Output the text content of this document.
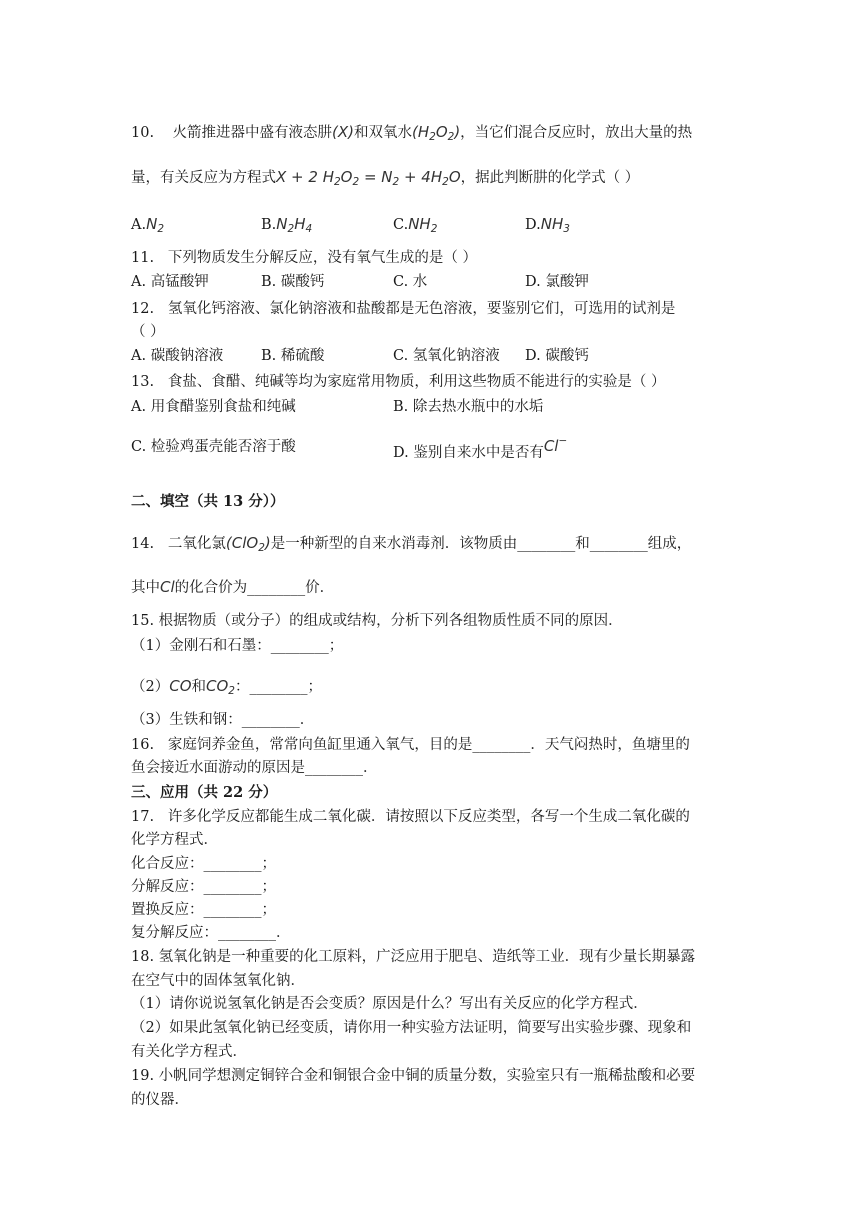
10. 火箭推进器中盛有液态肼(X)和双氧水$(H_2O_2)$，当它们混合反应时，放出大量的热
量，有关反应为方程式X + 2 $H_2O_2 = N_2 + 4H_2O$，据此判断肼的化学式（ ）
$A.N_2$	$B.N_2H_4$	$C.NH_2$	$D.NH_3$
11.   下列物质发生分解反应，没有氧气生成的是（ ）
A. 高锰酸钾	B. 碳酸钙	C. 水	D. 氯酸钾
12.   氢氧化钙溶液、氯化钠溶液和盐酸都是无色溶液，要鉴别它们，可选用的试剂是
（ ）
A. 碳酸钠溶液	B. 稀硫酸	C. 氢氧化钠溶液 D. 碳酸钙
13.   食盐、食醋、纯碱等均为家庭常用物质，利用这些物质不能进行的实验是（ ）
A. 用食醋鉴别食盐和纯碱	B. 除去热水瓶中的水垢
C. 检验鸡蛋壳能否溶于酸	D. 鉴别自来水中是否有Cl−
二、填空（共 13 分））
14.   二氧化氯(ClO$_2$)是一种新型的自来水消毒剂．该物质由________和________组成，
其中Cl的化合价为________价．
15. 根据物质（或分子）的组成或结构，分析下列各组物质性质不同的原因．
（1）金刚石和石墨：________；
（2）CO和$CO_2$：________；
（3）生铁和钢：________．
16.   家庭饲养金鱼，常常向鱼缸里通入氧气，目的是________．天气闷热时，鱼塘里的
鱼会接近水面游动的原因是________．
三、应用（共 22 分）
17.   许多化学反应都能生成二氧化碳．请按照以下反应类型，各写一个生成二氧化碳的
化学方程式．
化合反应：________；
分解反应：________；
置换反应：________；
复分解反应：________．
18. 氢氧化钠是一种重要的化工原料，广泛应用于肥皂、造纸等工业．现有少量长期暴露
在空气中的固体氢氧化钠．
（1）请你说说氢氧化钠是否会变质？原因是什么？写出有关反应的化学方程式．
（2）如果此氢氧化钠已经变质，请你用一种实验方法证明，简要写出实验步骤、现象和
有关化学方程式．
19. 小帆同学想测定铜锌合金和铜银合金中铜的质量分数，实验室只有一瓶稀盐酸和必要
的仪器．
